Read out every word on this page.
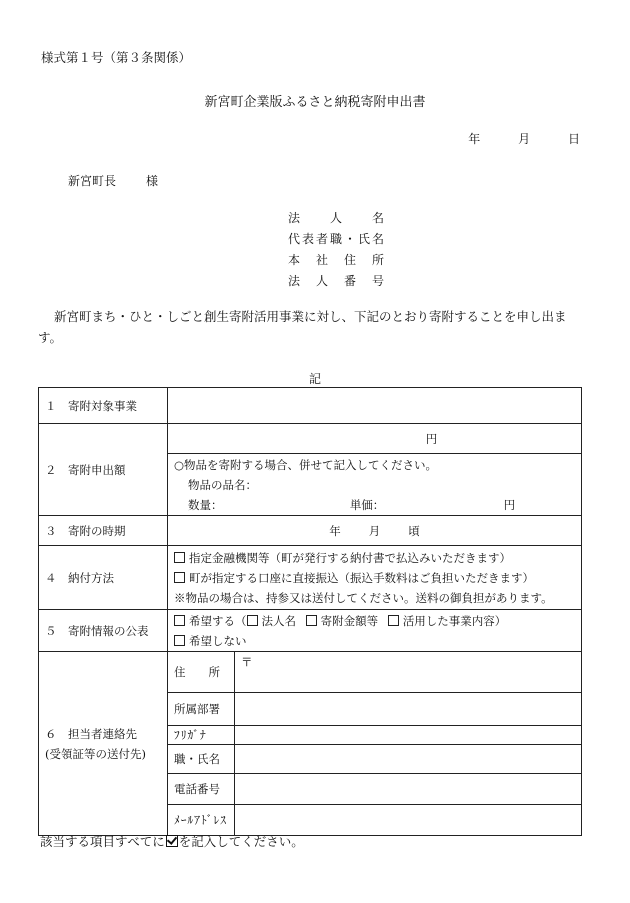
様式第１号（第３条関係）
新宮町企業版ふるさと納税寄附申出書
年	月	日
新宮町長	様
法人名
代表者職・氏名
本社住所
法人番号
新宮町まち・ひと・しごと創生寄附活用事業に対し、下記のとおり寄附することを申し出ます。
記
１　寄附対象事業	
２　寄附申出額	円

○物品を寄附する場合、併せて記入してください。
物品の品名：
数量：	単価：	円

３　寄附の時期	年 月 頃
４　納付方法	
指定金融機関等（町が発行する納付書で払込みいただきます）
町が指定する口座に直接振込（振込手数料はご負担いただきます）
※物品の場合は、持参又は送付してください。送料の御負担があります。

５　寄附情報の公表	
希望する（ 法人名 寄附金額等 活用した事業内容）
希望しない

６　担当者連絡先
(受領証等の送付先)

住　　所	〒

所属部署	

ﾌﾘｶﾞﾅ	

職・氏名	

電話番号	

ﾒｰﾙｱﾄﾞﾚｽ	
該当する項目すべてに を記入してください。
